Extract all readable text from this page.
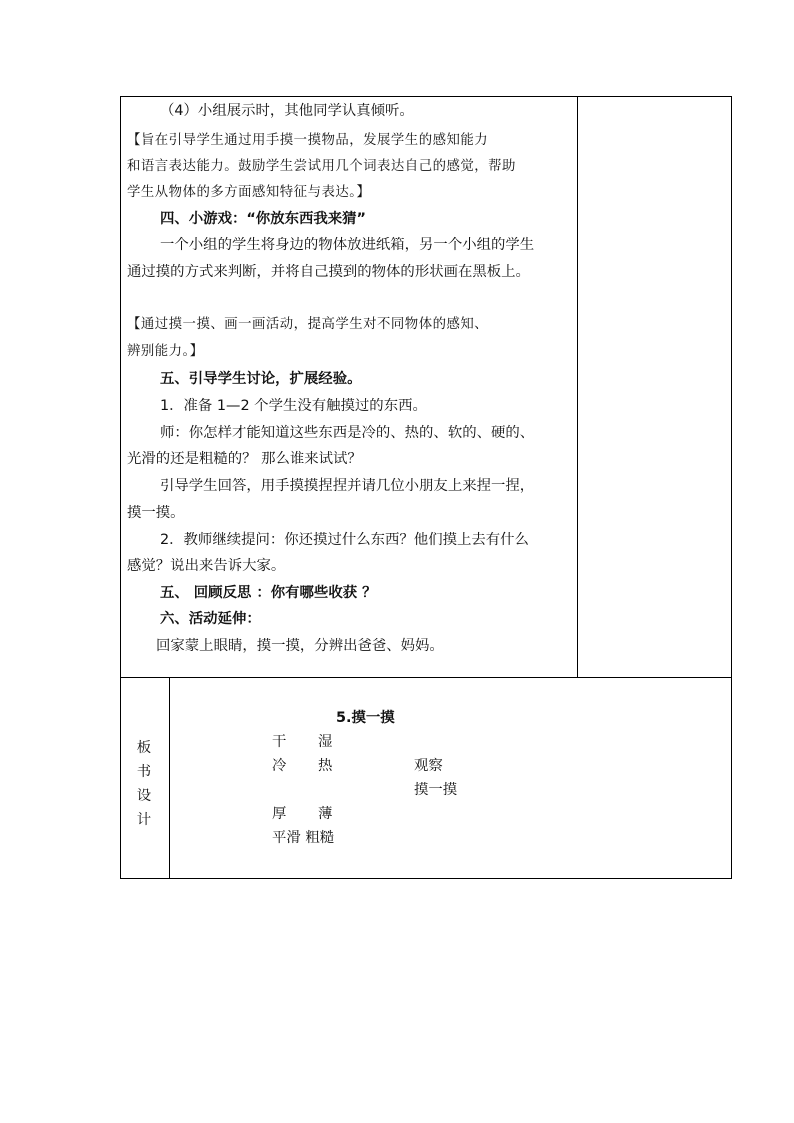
（4）小组展示时，其他同学认真倾听。
【旨在引导学生通过用手摸一摸物品，发展学生的感知能力
和语言表达能力。鼓励学生尝试用几个词表达自己的感觉，帮助
学生从物体的多方面感知特征与表达。】
四、小游戏：“你放东西我来猜”
一个小组的学生将身边的物体放进纸箱，另一个小组的学生
通过摸的方式来判断，并将自己摸到的物体的形状画在黑板上。
【通过摸一摸、画一画活动，提高学生对不同物体的感知、
辨别能力。】
五、引导学生讨论，扩展经验。
1．准备 1—2 个学生没有触摸过的东西。
师：你怎样才能知道这些东西是冷的、热的、软的、硬的、
光滑的还是粗糙的？ 那么谁来试试？
引导学生回答，用手摸摸捏捏并请几位小朋友上来捏一捏，
摸一摸。
2．教师继续提问：你还摸过什么东西？他们摸上去有什么
感觉？说出来告诉大家。
五、 回顾反思 ：你有哪些收获 ？
六、活动延伸：
回家蒙上眼睛，摸一摸，分辨出爸爸、妈妈。
板
书
设
计
5.摸一摸
干 湿
冷 热	观察
摸一摸
厚 薄
平滑 粗糙
